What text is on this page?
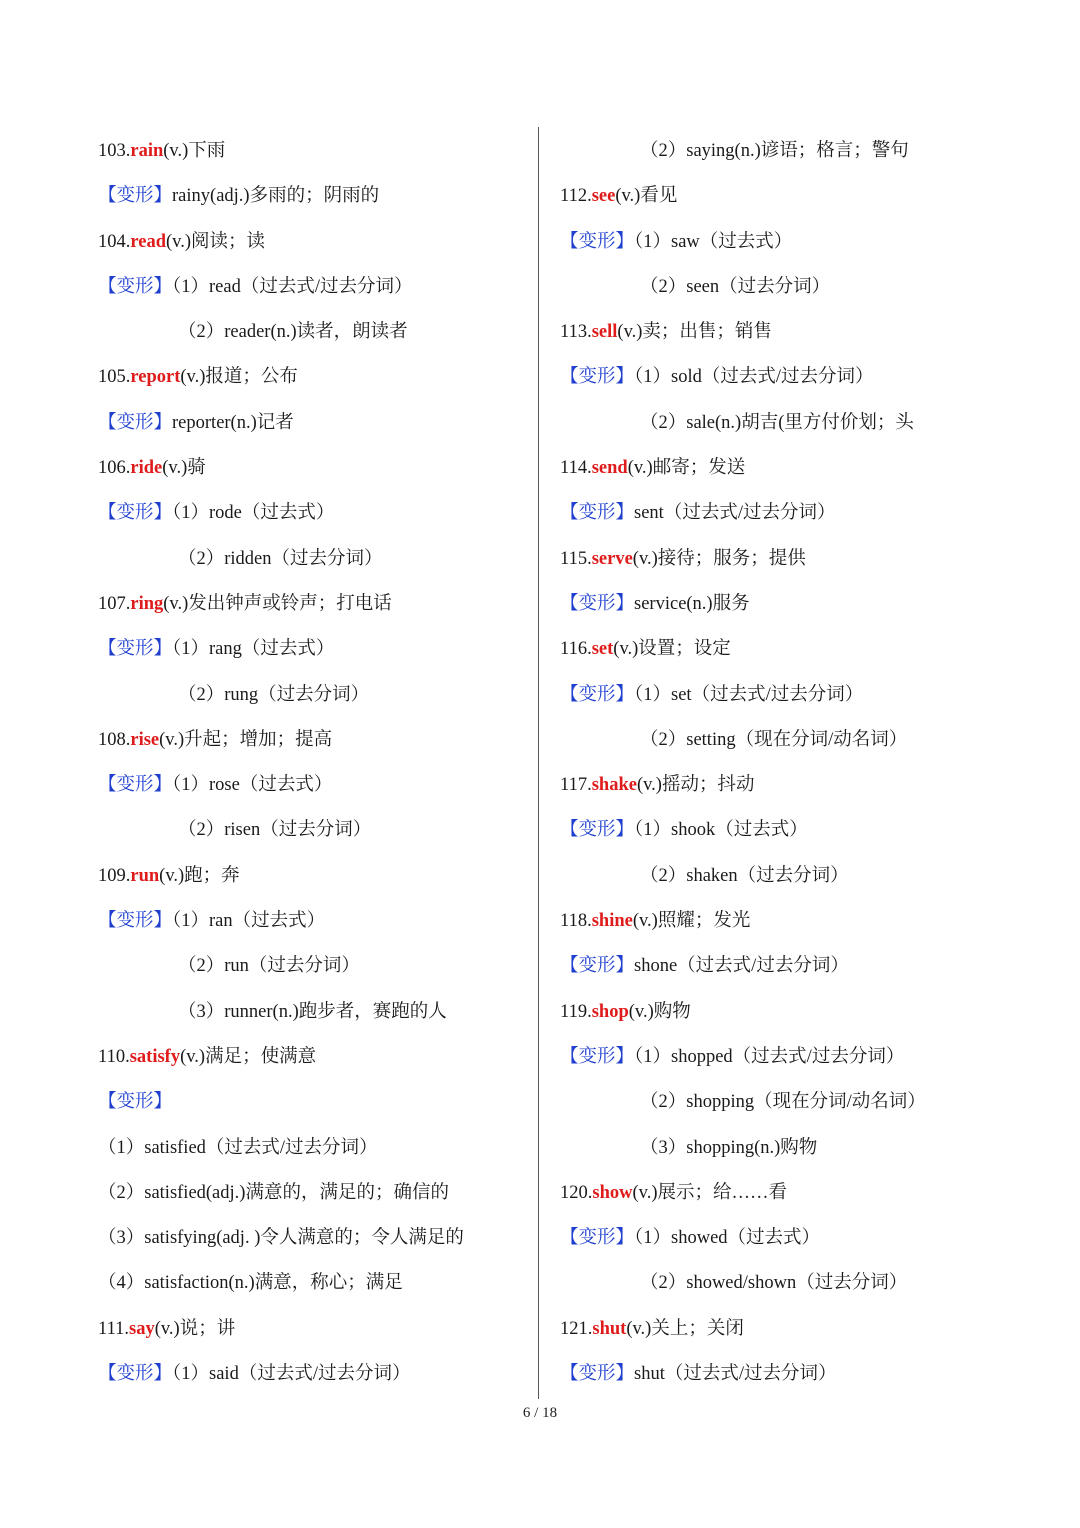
103.rain(v.)下雨
【变形】rainy(adj.)多雨的；阴雨的
104.read(v.)阅读；读
【变形】（1）read（过去式/过去分词）
（2）reader(n.)读者，朗读者
105.report(v.)报道；公布
【变形】reporter(n.)记者
106.ride(v.)骑
【变形】（1）rode（过去式）
（2）ridden（过去分词）
107.ring(v.)发出钟声或铃声；打电话
【变形】（1）rang（过去式）
（2）rung（过去分词）
108.rise(v.)升起；增加；提高
【变形】（1）rose（过去式）
（2）risen（过去分词）
109.run(v.)跑；奔
【变形】（1）ran（过去式）
（2）run（过去分词）
（3）runner(n.)跑步者，赛跑的人
110.satisfy(v.)满足；使满意
【变形】
（1）satisfied（过去式/过去分词）
（2）satisfied(adj.)满意的，满足的；确信的
（3）satisfying(adj. )令人满意的；令人满足的
（4）satisfaction(n.)满意，称心；满足
111.say(v.)说；讲
【变形】（1）said（过去式/过去分词）
（2）saying(n.)谚语；格言；警句
112.see(v.)看见
【变形】（1）saw（过去式）
（2）seen（过去分词）
113.sell(v.)卖；出售；销售
【变形】（1）sold（过去式/过去分词）
（2）sale(n.)胡吉(里方付价划；头
114.send(v.)邮寄；发送
【变形】sent（过去式/过去分词）
115.serve(v.)接待；服务；提供
【变形】service(n.)服务
116.set(v.)设置；设定
【变形】（1）set（过去式/过去分词）
（2）setting（现在分词/动名词）
117.shake(v.)摇动；抖动
【变形】（1）shook（过去式）
（2）shaken（过去分词）
118.shine(v.)照耀；发光
【变形】shone（过去式/过去分词）
119.shop(v.)购物
【变形】（1）shopped（过去式/过去分词）
（2）shopping（现在分词/动名词）
（3）shopping(n.)购物
120.show(v.)展示；给……看
【变形】（1）showed（过去式）
（2）showed/shown（过去分词）
121.shut(v.)关上；关闭
【变形】shut（过去式/过去分词）
6 / 18
